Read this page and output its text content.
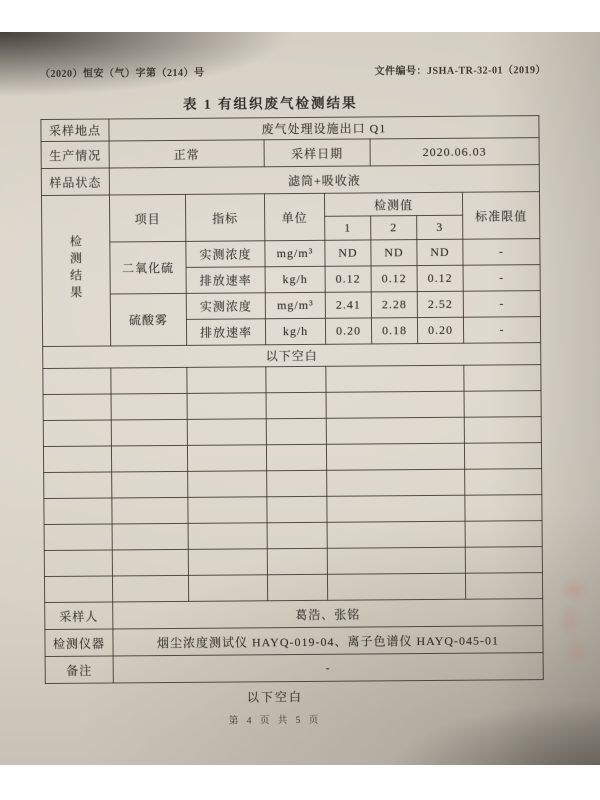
（2020）恒安（气）字第（214）号	文件编号：JSHA-TR-32-01（2019）
表 1 有组织废气检测结果
采样地点	废气处理设施出口 Q1						
生产情况	正常		采样日期		2020.06.03		
样品状态	滤筒+吸收液						
检测结果	项目	指标	单位	检测值			标准限值
				1	2	3	
	二氧化硫	实测浓度	mg/m³	ND	ND	ND	-
		排放速率	kg/h	0.12	0.12	0.12	-
	硫酸雾	实测浓度	mg/m³	2.41	2.28	2.52	-
		排放速率	kg/h	0.20	0.18	0.20	-
以下空白							

采样人	葛浩、张铭						
检测仪器	烟尘浓度测试仪 HAYQ-019-04、离子色谱仪 HAYQ-045-01						
备注	-						
以下空白
第 4 页 共 5 页
